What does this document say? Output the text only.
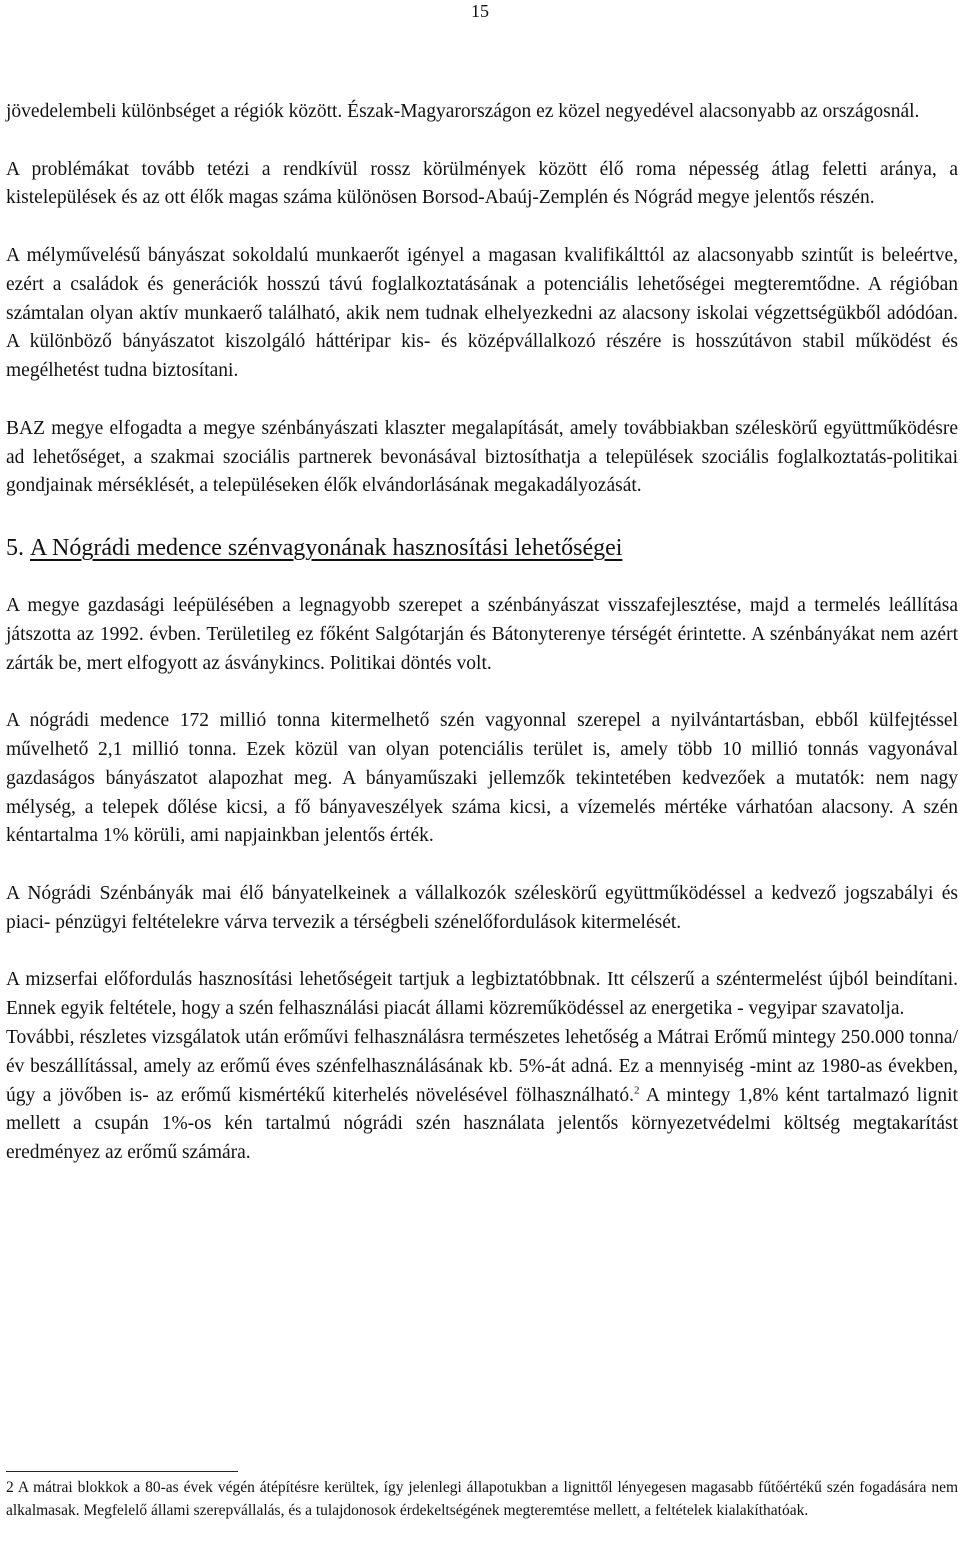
15

jövedelembeli különbséget a régiók között. Észak-Magyarországon ez közel negyedével alacsonyabb az országosnál.

A problémákat tovább tetézi a rendkívül rossz körülmények között élő roma népesség átlag feletti aránya, a kistelepülések és az ott élők magas száma különösen Borsod-Abaúj-Zemplén és Nógrád megye jelentős részén.

A mélyművelésű bányászat sokoldalú munkaerőt igényel a magasan kvalifikálttól az alacsonyabb szintűt is beleértve, ezért a családok és generációk hosszú távú foglalkoztatásának a potenciális lehetőségei megteremtődne. A régióban számtalan olyan aktív munkaerő található, akik nem tudnak elhelyezkedni az alacsony iskolai végzettségükből adódóan. A különböző bányászatot kiszolgáló háttéripar kis- és középvállalkozó részére is hosszútávon stabil működést és megélhetést tudna biztosítani.

BAZ megye elfogadta a megye szénbányászati klaszter megalapítását, amely továbbiakban széleskörű együttműködésre ad lehetőséget, a szakmai szociális partnerek bevonásával biztosíthatja a települések szociális foglalkoztatás-politikai gondjainak mérséklését, a településeken élők elvándorlásának megakadályozását.

5. A Nógrádi medence szénvagyonának hasznosítási lehetőségei

A megye gazdasági leépülésében a legnagyobb szerepet a szénbányászat visszafejlesztése, majd a termelés leállítása játszotta az 1992. évben. Területileg ez főként Salgótarján és Bátonyterenye térségét érintette. A szénbányákat nem azért zárták be, mert elfogyott az ásványkincs. Politikai döntés volt.

A nógrádi medence 172 millió tonna kitermelhető szén vagyonnal szerepel a nyilvántartásban, ebből külfejtéssel művelhető 2,1 millió tonna. Ezek közül van olyan potenciális terület is, amely több 10 millió tonnás vagyonával gazdaságos bányászatot alapozhat meg. A bányaműszaki jellemzők tekintetében kedvezőek a mutatók: nem nagy mélység, a telepek dőlése kicsi, a fő bányaveszélyek száma kicsi, a vízemelés mértéke várhatóan alacsony. A szén kéntartalma 1% körüli, ami napjainkban jelentős érték.

A Nógrádi Szénbányák mai élő bányatelkeinek a vállalkozók széleskörű együttműködéssel a kedvező jogszabályi és piaci- pénzügyi feltételekre várva tervezik a térségbeli szénelőfordulások kitermelését.

A mizserfai előfordulás hasznosítási lehetőségeit tartjuk a legbiztatóbbnak. Itt célszerű a széntermelést újból beindítani. Ennek egyik feltétele, hogy a szén felhasználási piacát állami közreműködéssel az energetika - vegyipar szavatolja.

További, részletes vizsgálatok után erőművi felhasználásra természetes lehetőség a Mátrai Erőmű mintegy 250.000 tonna/év beszállítással, amely az erőmű éves szénfelhasználásának kb. 5%-át adná. Ez a mennyiség -mint az 1980-as években, úgy a jövőben is- az erőmű kismértékű kiterhelés növelésével fölhasználható.$^2$ A mintegy 1,8% ként tartalmazó lignit mellett a csupán 1%-os kén tartalmú nógrádi szén használata jelentős környezetvédelmi költség megtakarítást eredményez az erőmű számára.

2 A mátrai blokkok a 80-as évek végén átépítésre kerültek, így jelenlegi állapotukban a lignittől lényegesen magasabb fűtőértékű szén fogadására nem alkalmasak. Megfelelő állami szerepvállalás, és a tulajdonosok érdekeltségének megteremtése mellett, a feltételek kialakíthatóak.
